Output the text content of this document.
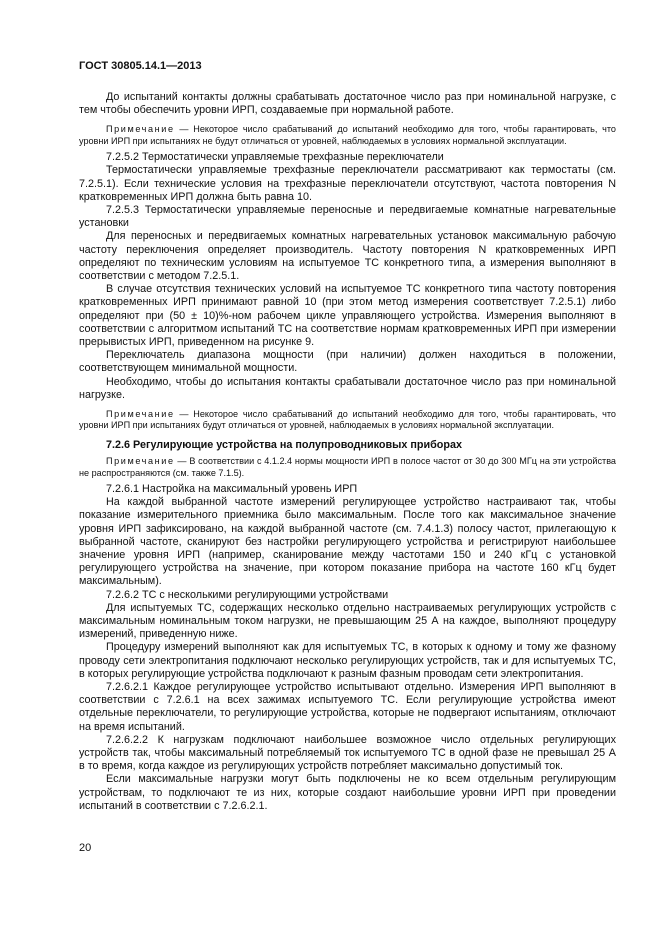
ГОСТ 30805.14.1—2013

До испытаний контакты должны срабатывать достаточное число раз при номинальной нагрузке, с тем чтобы обеспечить уровни ИРП, создаваемые при нормальной работе.

Примечание — Некоторое число срабатываний до испытаний необходимо для того, чтобы гарантировать, что уровни ИРП при испытаниях не будут отличаться от уровней, наблюдаемых в условиях нормальной эксплуатации.

7.2.5.2 Термостатически управляемые трехфазные переключатели

Термостатически управляемые трехфазные переключатели рассматривают как термостаты (см. 7.2.5.1). Если технические условия на трехфазные переключатели отсутствуют, частота повторения N кратковременных ИРП должна быть равна 10.

7.2.5.3 Термостатически управляемые переносные и передвигаемые комнатные нагревательные установки

Для переносных и передвигаемых комнатных нагревательных установок максимальную рабочую частоту переключения определяет производитель. Частоту повторения N кратковременных ИРП определяют по техническим условиям на испытуемое ТС конкретного типа, а измерения выполняют в соответствии с методом 7.2.5.1.

В случае отсутствия технических условий на испытуемое ТС конкретного типа частоту повторения кратковременных ИРП принимают равной 10 (при этом метод измерения соответствует 7.2.5.1) либо определяют при (50 ± 10)%-ном рабочем цикле управляющего устройства. Измерения выполняют в соответствии с алгоритмом испытаний ТС на соответствие нормам кратковременных ИРП при измерении прерывистых ИРП, приведенном на рисунке 9.

Переключатель диапазона мощности (при наличии) должен находиться в положении, соответствующем минимальной мощности.

Необходимо, чтобы до испытания контакты срабатывали достаточное число раз при номинальной нагрузке.

Примечание — Некоторое число срабатываний до испытаний необходимо для того, чтобы гарантировать, что уровни ИРП при испытаниях будут отличаться от уровней, наблюдаемых в условиях нормальной эксплуатации.

7.2.6 Регулирующие устройства на полупроводниковых приборах

Примечание — В соответствии с 4.1.2.4 нормы мощности ИРП в полосе частот от 30 до 300 МГц на эти устройства не распространяются (см. также 7.1.5).

7.2.6.1 Настройка на максимальный уровень ИРП

На каждой выбранной частоте измерений регулирующее устройство настраивают так, чтобы показание измерительного приемника было максимальным. После того как максимальное значение уровня ИРП зафиксировано, на каждой выбранной частоте (см. 7.4.1.3) полосу частот, прилегающую к выбранной частоте, сканируют без настройки регулирующего устройства и регистрируют наибольшее значение уровня ИРП (например, сканирование между частотами 150 и 240 кГц с установкой регулирующего устройства на значение, при котором показание прибора на частоте 160 кГц будет максимальным).

7.2.6.2 ТС с несколькими регулирующими устройствами

Для испытуемых ТС, содержащих несколько отдельно настраиваемых регулирующих устройств с максимальным номинальным током нагрузки, не превышающим 25 А на каждое, выполняют процедуру измерений, приведенную ниже.

Процедуру измерений выполняют как для испытуемых ТС, в которых к одному и тому же фазному проводу сети электропитания подключают несколько регулирующих устройств, так и для испытуемых ТС, в которых регулирующие устройства подключают к разным фазным проводам сети электропитания.

7.2.6.2.1 Каждое регулирующее устройство испытывают отдельно. Измерения ИРП выполняют в соответствии с 7.2.6.1 на всех зажимах испытуемого ТС. Если регулирующие устройства имеют отдельные переключатели, то регулирующие устройства, которые не подвергают испытаниям, отключают на время испытаний.

7.2.6.2.2 К нагрузкам подключают наибольшее возможное число отдельных регулирующих устройств так, чтобы максимальный потребляемый ток испытуемого ТС в одной фазе не превышал 25 А в то время, когда каждое из регулирующих устройств потребляет максимально допустимый ток.

Если максимальные нагрузки могут быть подключены не ко всем отдельным регулирующим устройствам, то подключают те из них, которые создают наибольшие уровни ИРП при проведении испытаний в соответствии с 7.2.6.2.1.

20
